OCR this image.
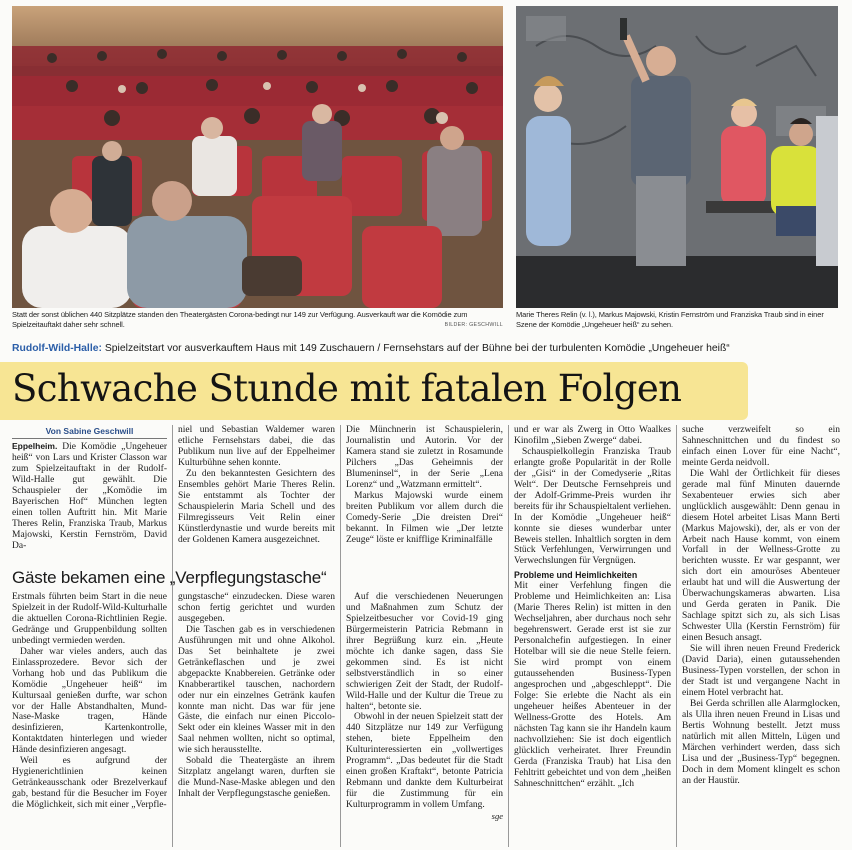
Statt der sonst üblichen 440 Sitzplätze standen den Theatergästen Corona-bedingt nur 149 zur Verfügung. Ausverkauft war die Komödie zum Spielzeitauftakt daher sehr schnell.	BILDER: GESCHWILL
Marie Theres Relin (v. l.), Markus Majowski, Kristin Fernström und Franziska Traub sind in einer Szene der Komödie „Ungeheuer heiß“ zu sehen.
Rudolf-Wild-Halle: Spielzeitstart vor ausverkauftem Haus mit 149 Zuschauern / Fernsehstars auf der Bühne bei der turbulenten Komödie „Ungeheuer heiß“
Schwache Stunde mit fatalen Folgen

Von Sabine Geschwill

Eppelheim. Die Komödie „Ungeheuer heiß“ von Lars und Krister Classon war zum Spielzeitauftakt in der Rudolf-Wild-Halle gut gewählt. Die Schauspieler der „Komödie im Bayerischen Hof“ München legten einen tollen Auftritt hin. Mit Marie Theres Relin, Franziska Traub, Markus Majowski, Kerstin Fernström, David Da-

Gäste bekamen eine „Verpflegungstasche“

Erstmals führten beim Start in die neue Spielzeit in der Rudolf-Wild-Kulturhalle die aktuellen Corona-Richtlinien Regie. Gedränge und Gruppenbildung sollten unbedingt vermieden werden.

Daher war vieles anders, auch das Einlassprozedere. Bevor sich der Vorhang hob und das Publikum die Komödie „Ungeheuer heiß“ im Kultursaal genießen durfte, war schon vor der Halle Abstandhalten, Mund-Nase-Maske tragen, Hände desinfizieren, Kartenkontrolle, Kontaktdaten hinterlegen und wieder Hände desinfizieren angesagt.

Weil es aufgrund der Hygienerichtlinien keinen Getränkeausschank oder Brezelverkauf gab, bestand für die Besucher im Foyer die Möglichkeit, sich mit einer „Verpfle-

niel und Sebastian Waldemer waren etliche Fernsehstars dabei, die das Publikum nun live auf der Eppelheimer Kulturbühne sehen konnte.

Zu den bekanntesten Gesichtern des Ensembles gehört Marie Theres Relin. Sie entstammt als Tochter der Schauspielerin Maria Schell und des Filmregisseurs Veit Relin einer Künstlerdynastie und wurde bereits mit der Goldenen Kamera ausgezeichnet.

gungstasche“ einzudecken. Diese waren schon fertig gerichtet und wurden ausgegeben.

Die Taschen gab es in verschiedenen Ausführungen mit und ohne Alkohol. Das Set beinhaltete je zwei Getränkeflaschen und je zwei abgepackte Knabbereien. Getränke oder Knabberartikel tauschen, nachordern oder nur ein einzelnes Getränk kaufen konnte man nicht. Das war für jene Gäste, die einfach nur einen Piccolo-Sekt oder ein kleines Wasser mit in den Saal nehmen wollten, nicht so optimal, wie sich herausstellte.

Sobald die Theatergäste an ihrem Sitzplatz angelangt waren, durften sie die Mund-Nase-Maske ablegen und den Inhalt der Verpflegungstasche genießen.

Die Münchnerin ist Schauspielerin, Journalistin und Autorin. Vor der Kamera stand sie zuletzt in Rosamunde Pilchers „Das Geheimnis der Blumeninsel“, in der Serie „Lena Lorenz“ und „Watzmann ermittelt“.

Markus Majowski wurde einem breiten Publikum vor allem durch die Comedy-Serie „Die dreisten Drei“ bekannt. In Filmen wie „Der letzte Zeuge“ löste er knifflige Kriminalfälle

Auf die verschiedenen Neuerungen und Maßnahmen zum Schutz der Spielzeitbesucher vor Covid-19 ging Bürgermeisterin Patricia Rebmann in ihrer Begrüßung kurz ein. „Heute möchte ich danke sagen, dass Sie gekommen sind. Es ist nicht selbstverständlich in so einer schwierigen Zeit der Stadt, der Rudolf-Wild-Halle und der Kultur die Treue zu halten“, betonte sie.

Obwohl in der neuen Spielzeit statt der 440 Sitzplätze nur 149 zur Verfügung stehen, biete Eppelheim den Kulturinteressierten ein „vollwertiges Programm“. „Das bedeutet für die Stadt einen großen Kraftakt“, betonte Patricia Rebmann und dankte dem Kulturbeirat für die Zustimmung für ein Kulturprogramm in vollem Umfang.

sge

und er war als Zwerg in Otto Waalkes Kinofilm „Sieben Zwerge“ dabei.

Schauspielkollegin Franziska Traub erlangte große Popularität in der Rolle der „Gisi“ in der Comedyserie „Ritas Welt“. Der Deutsche Fernsehpreis und der Adolf-Grimme-Preis wurden ihr bereits für ihr Schauspieltalent verliehen. In der Komödie „Ungeheuer heiß“ konnte sie dieses wunderbar unter Beweis stellen. Inhaltlich sorgten in dem Stück Verfehlungen, Verwirrungen und Verwechslungen für Vergnügen.

Probleme und Heimlichkeiten

Mit einer Verfehlung fingen die Probleme und Heimlichkeiten an: Lisa (Marie Theres Relin) ist mitten in den Wechseljahren, aber durchaus noch sehr begehrenswert. Gerade erst ist sie zur Personalchefin aufgestiegen. In einer Hotelbar will sie die neue Stelle feiern. Sie wird prompt von einem gutaussehenden Business-Typen angesprochen und „abgeschleppt“. Die Folge: Sie erlebte die Nacht als ein ungeheuer heißes Abenteuer in der Wellness-Grotte des Hotels. Am nächsten Tag kann sie ihr Handeln kaum nachvollziehen: Sie ist doch eigentlich glücklich verheiratet. Ihrer Freundin Gerda (Franziska Traub) hat Lisa den Fehltritt gebeichtet und von dem „heißen Sahneschnittchen“ erzählt. „Ich

suche verzweifelt so ein Sahneschnittchen und du findest so einfach einen Lover für eine Nacht“, meinte Gerda neidvoll.

Die Wahl der Örtlichkeit für dieses gerade mal fünf Minuten dauernde Sexabenteuer erwies sich aber unglücklich ausgewählt: Denn genau in diesem Hotel arbeitet Lisas Mann Berti (Markus Majowski), der, als er von der Arbeit nach Hause kommt, von einem Vorfall in der Wellness-Grotte zu berichten wusste. Er war gespannt, wer sich dort ein amouröses Abenteuer erlaubt hat und will die Auswertung der Überwachungskameras abwarten. Lisa und Gerda geraten in Panik. Die Sachlage spitzt sich zu, als sich Lisas Schwester Ulla (Kerstin Fernström) für einen Besuch ansagt.

Sie will ihren neuen Freund Frederick (David Daria), einen gutaussehenden Business-Typen vorstellen, der schon in der Stadt ist und vergangene Nacht in einem Hotel verbracht hat.

Bei Gerda schrillen alle Alarmglocken, als Ulla ihren neuen Freund in Lisas und Bertis Wohnung bestellt. Jetzt muss natürlich mit allen Mitteln, Lügen und Märchen verhindert werden, dass sich Lisa und der „Business-Typ“ begegnen. Doch in dem Moment klingelt es schon an der Haustür.
